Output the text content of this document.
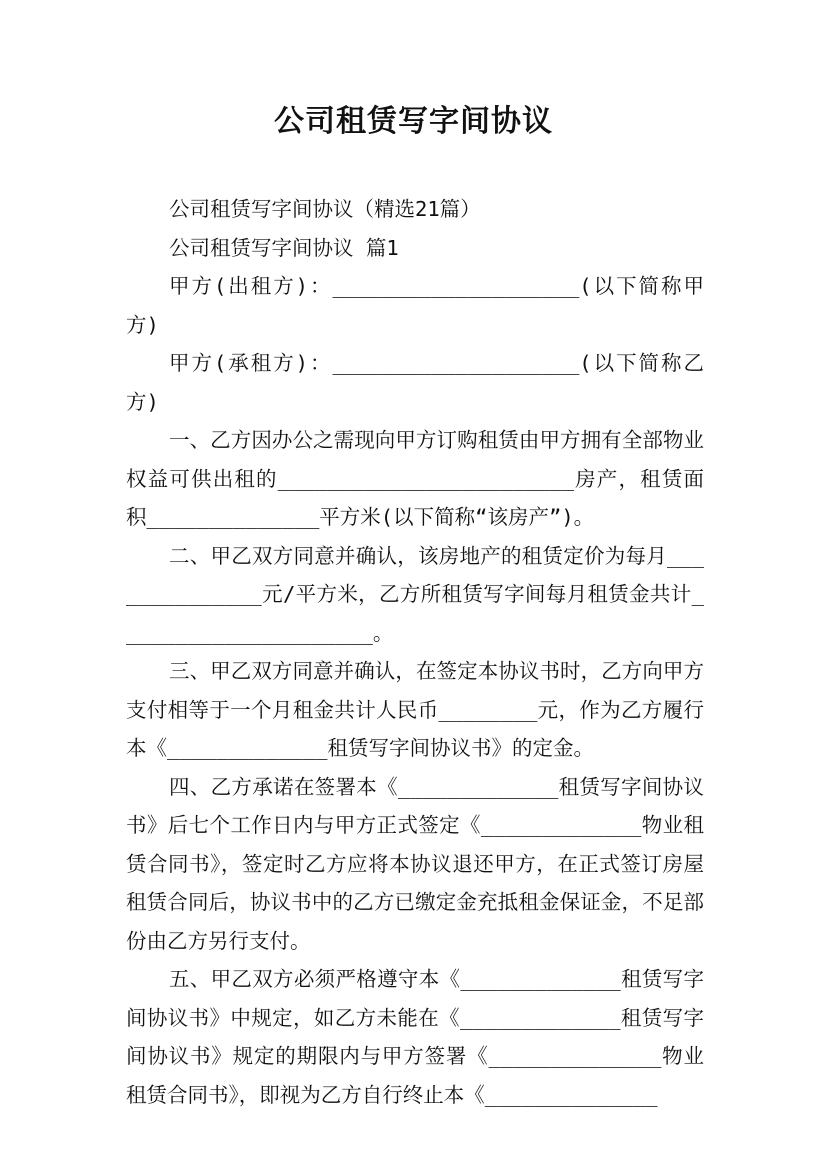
公司租赁写字间协议

公司租赁写字间协议（精选21篇）

公司租赁写字间协议 篇1

甲方(出租方)：____________________(以下简称甲方)

甲方(承租方)：____________________(以下简称乙方)

一、乙方因办公之需现向甲方订购租赁由甲方拥有全部物业权益可供出租的________________________房产，租赁面积______________平方米(以下简称“该房产”)。

二、甲乙双方同意并确认，该房地产的租赁定价为每月______________元/平方米，乙方所租赁写字间每月租赁金共计_____________________。

三、甲乙双方同意并确认，在签定本协议书时，乙方向甲方支付相等于一个月租金共计人民币________元，作为乙方履行本《_____________租赁写字间协议书》的定金。

四、乙方承诺在签署本《_____________租赁写字间协议书》后七个工作日内与甲方正式签定《_____________物业租赁合同书》，签定时乙方应将本协议退还甲方，在正式签订房屋租赁合同后，协议书中的乙方已缴定金充抵租金保证金，不足部份由乙方另行支付。

五、甲乙双方必须严格遵守本《_____________租赁写字间协议书》中规定，如乙方未能在《_____________租赁写字间协议书》规定的期限内与甲方签署《______________物业租赁合同书》，即视为乙方自行终止本《______________
